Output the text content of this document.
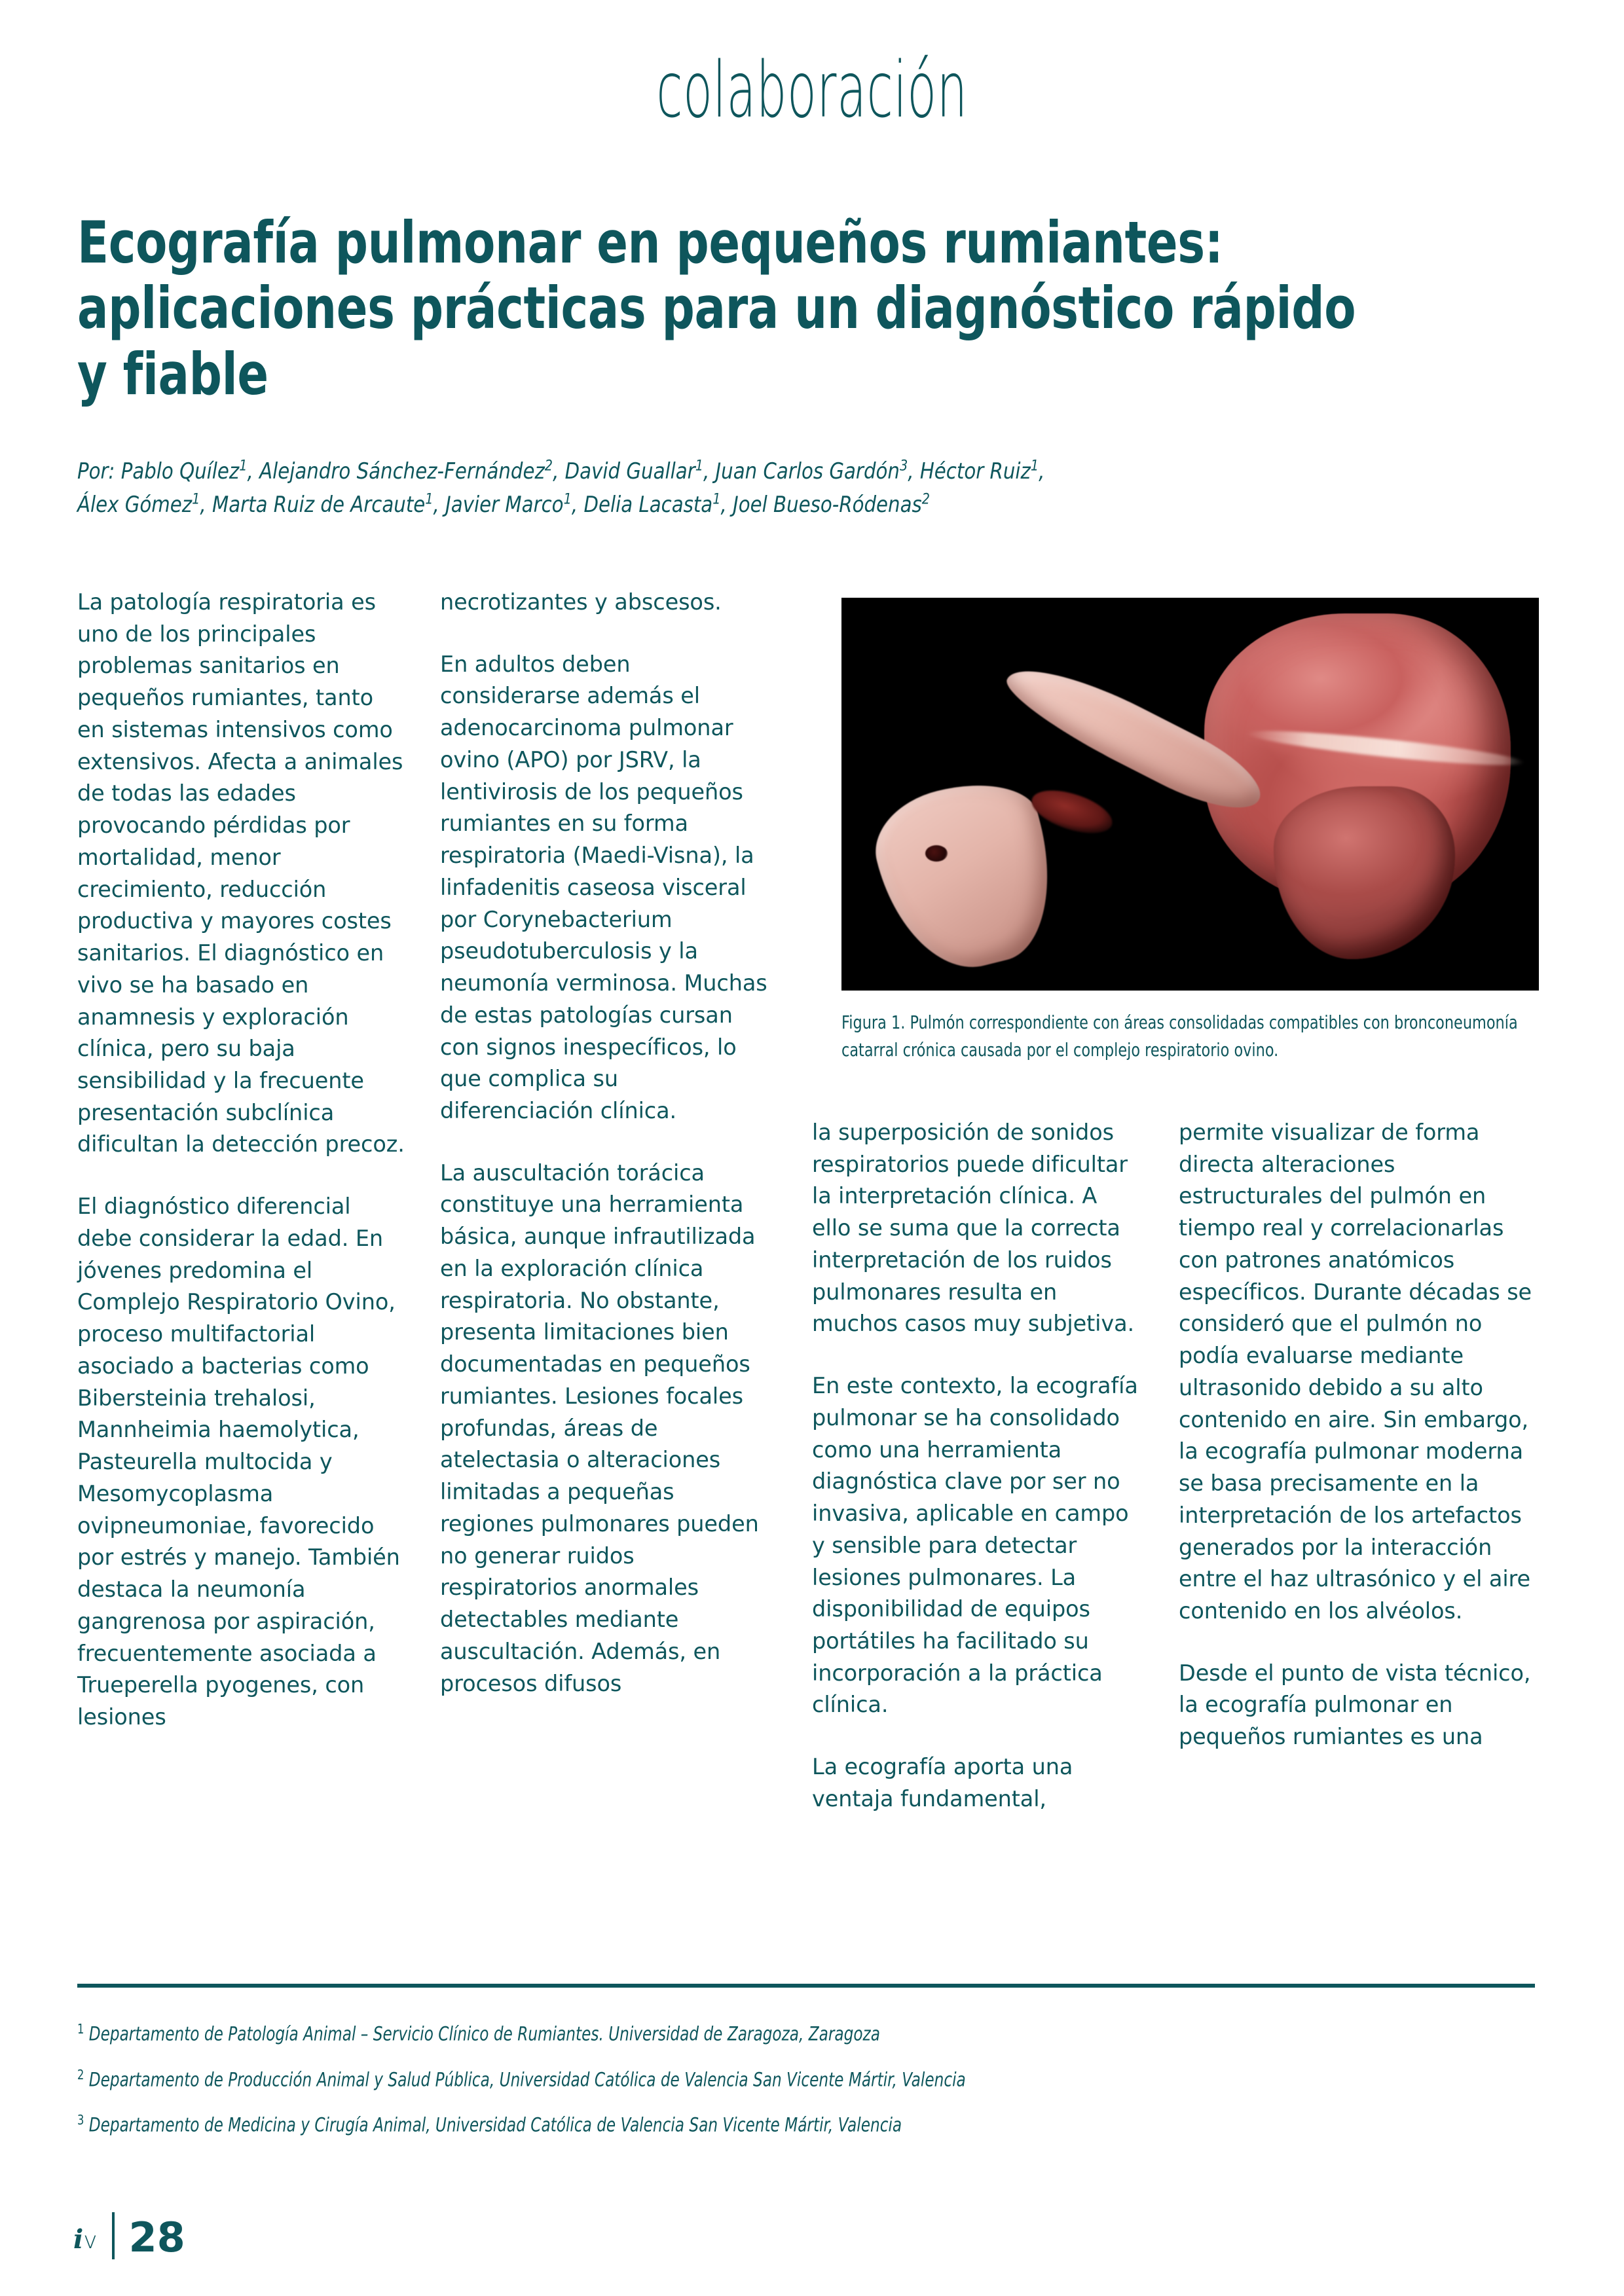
colaboración
Ecografía pulmonar en pequeños rumiantes:
aplicaciones prácticas para un diagnóstico rápido
y fiable
Por: Pablo Quílez$^1$, Alejandro Sánchez-Fernández$^2$, David Guallar$^1$, Juan Carlos Gardón$^3$, Héctor Ruiz$^1$,
Álex Gómez$^1$, Marta Ruiz de Arcaute$^1$, Javier Marco$^1$, Delia Lacasta$^1$, Joel Bueso-Ródenas$^2$

La patología respiratoria es uno de los principales problemas sanitarios en pequeños rumiantes, tanto en sistemas intensivos como extensivos. Afecta a animales de todas las edades provocando pérdidas por mortalidad, menor crecimiento, reducción productiva y mayores costes sanitarios. El diagnóstico en vivo se ha basado en anamnesis y exploración clínica, pero su baja sensibilidad y la frecuente presentación subclínica dificultan la detección precoz.

El diagnóstico diferencial debe considerar la edad. En jóvenes predomina el Complejo Respiratorio Ovino, proceso multifactorial asociado a bacterias como Bibersteinia trehalosi, Mannheimia haemolytica, Pasteurella multocida y Mesomycoplasma ovipneumoniae, favorecido por estrés y manejo. También destaca la neumonía gangrenosa por aspiración, frecuentemente asociada a Trueperella pyogenes, con lesiones

necrotizantes y abscesos.

En adultos deben considerarse además el adenocarcinoma pulmonar ovino (APO) por JSRV, la lentivirosis de los pequeños rumiantes en su forma respiratoria (Maedi-Visna), la linfadenitis caseosa visceral por Corynebacterium pseudotuberculosis y la neumonía verminosa. Muchas de estas patologías cursan con signos inespecíficos, lo que complica su diferenciación clínica.

La auscultación torácica constituye una herramienta básica, aunque infrautilizada en la exploración clínica respiratoria. No obstante, presenta limitaciones bien documentadas en pequeños rumiantes. Lesiones focales profundas, áreas de atelectasia o alteraciones limitadas a pequeñas regiones pulmonares pueden no generar ruidos respiratorios anormales detectables mediante auscultación. Además, en procesos difusos

Figura 1. Pulmón correspondiente con áreas consolidadas compatibles con bronconeumonía catarral crónica causada por el complejo respiratorio ovino.

la superposición de sonidos respiratorios puede dificultar la interpretación clínica. A ello se suma que la correcta interpretación de los ruidos pulmonares resulta en muchos casos muy subjetiva.

En este contexto, la ecografía pulmonar se ha consolidado como una herramienta diagnóstica clave por ser no invasiva, aplicable en campo y sensible para detectar lesiones pulmonares. La disponibilidad de equipos portátiles ha facilitado su incorporación a la práctica clínica.

La ecografía aporta una ventaja fundamental,

permite visualizar de forma directa alteraciones estructurales del pulmón en tiempo real y correlacionarlas con patrones anatómicos específicos. Durante décadas se consideró que el pulmón no podía evaluarse mediante ultrasonido debido a su alto contenido en aire. Sin embargo, la ecografía pulmonar moderna se basa precisamente en la interpretación de los artefactos generados por la interacción entre el haz ultrasónico y el aire contenido en los alvéolos.

Desde el punto de vista técnico, la ecografía pulmonar en pequeños rumiantes es una

$^1$ Departamento de Patología Animal – Servicio Clínico de Rumiantes. Universidad de Zaragoza, Zaragoza
$^2$ Departamento de Producción Animal y Salud Pública, Universidad Católica de Valencia San Vicente Mártir, Valencia
$^3$ Departamento de Medicina y Cirugía Animal, Universidad Católica de Valencia San Vicente Mártir, Valencia
iv 28
